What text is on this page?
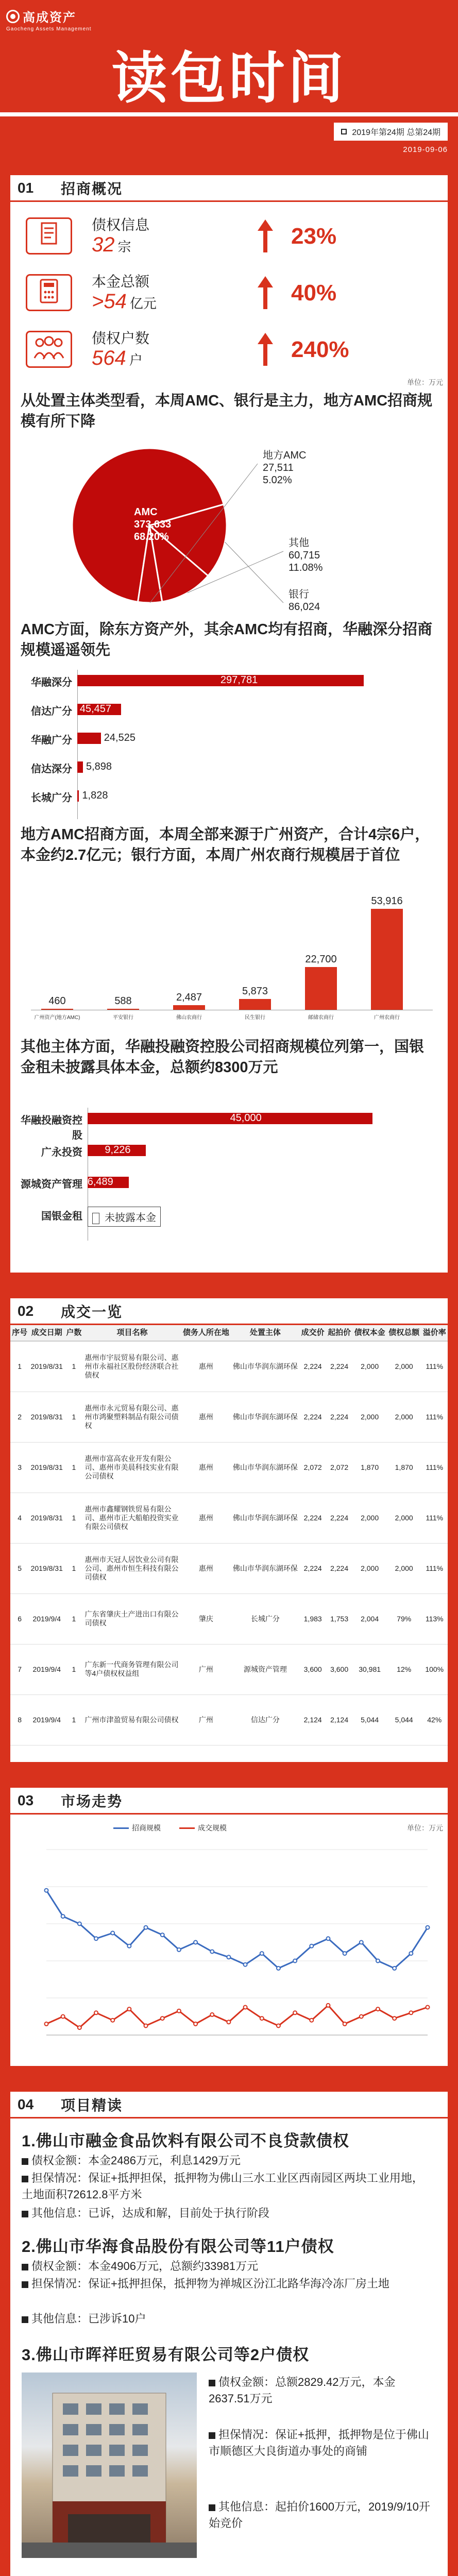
高成资产
Gaocheng Assets Management
读包时间
2019年第24期 总第24期
2019-09-06
01	招商概况
债权信息
32 宗	23%
本金总额
>54 亿元	40%
债权户数
564 户	240%
单位：万元
从处置主体类型看，本周AMC、银行是主力，地方AMC招商规模有所下降
AMC
373,633
68.20%
银行
86,024
其他
60,715
11.08%
地方AMC
27,511
5.02%
AMC方面，除东方资产外，其余AMC均有招商，华融深分招商规模遥遥领先
华融深分	297,781
信达广分 45,457
华融广分	24,525
信达深分 5,898
长城广分 1,828
地方AMC招商方面，本周全部来源于广州资产，合计4宗6户，本金约2.7亿元；银行方面，本周广州农商行规模居于首位
460
广州资产(地方AMC)
588
平安银行
2,487
佛山农商行
5,873
民生银行
22,700
邮储农商行
53,916
广州农商行
其他主体方面，华融投融资控股公司招商规模位列第一，国银金租未披露具体本金，总额约8300万元
华融投融资控股
45,000
广永投资 9,226
源城资产管理 6,489
国银金租	未披露本金
02	成交一览
序号	成交日期	户数	项目名称	债务人所在地	处置主体	成交价	起拍价	债权本金	债权总额	溢价率
1	2019/8/31	1	惠州市宇辰贸易有限公司、惠州市永福社区股份经济联合社债权	惠州	佛山市华润东湖环保	2,224	2,224	2,000	2,000	111%
2	2019/8/31	1	惠州市永元贸易有限公司、惠州市鸿聚塑料制品有限公司债权	惠州	佛山市华润东湖环保	2,224	2,224	2,000	2,000	111%
3	2019/8/31	1	惠州市富高农业开发有限公司、惠州市美晨科技实业有限公司债权	惠州	佛山市华润东湖环保	2,072	2,072	1,870	1,870	111%
4	2019/8/31	1	惠州市鑫耀钢铁贸易有限公司、惠州市正大船舶投资实业有限公司债权	惠州	佛山市华润东湖环保	2,224	2,224	2,000	2,000	111%
5	2019/8/31	1	惠州市天冠人居饮业公司有限公司、惠州市恒生科技有限公司债权	惠州	佛山市华润东湖环保	2,224	2,224	2,000	2,000	111%
6	2019/9/4	1	广东省肇庆土产进出口有限公司债权	肇庆	长城广分	1,983	1,753	2,004	79%	113%
7	2019/9/4	1	广东新一代商务管理有限公司等4户债权权益组	广州	源城资产管理	3,600	3,600	30,981	12%	100%
8	2019/9/4	1	广州市津盈贸易有限公司债权	广州	信达广分	2,124	2,124	5,044	5,044	42%
03	市场走势
招商规模	成交规模	单位：万元
04	项目精读
1.佛山市融金食品饮料有限公司不良贷款债权
债权金额：本金2486万元，利息1429万元
担保情况：保证+抵押担保，抵押物为佛山三水工业区西南园区两块工业用地，土地面积72612.8平方米
其他信息：已诉，达成和解，目前处于执行阶段
2.佛山市华海食品股份有限公司等11户债权
债权金额：本金4906万元，总额约33981万元
担保情况：保证+抵押担保，抵押物为禅城区汾江北路华海冷冻厂房土地
其他信息：已涉诉10户
3.佛山市晖祥旺贸易有限公司等2户债权
债权金额：总额2829.42万元，本金2637.51万元
担保情况：保证+抵押，抵押物是位于佛山市顺德区大良街道办事处的商铺
其他信息：起拍价1600万元，2019/9/10开始竞价
